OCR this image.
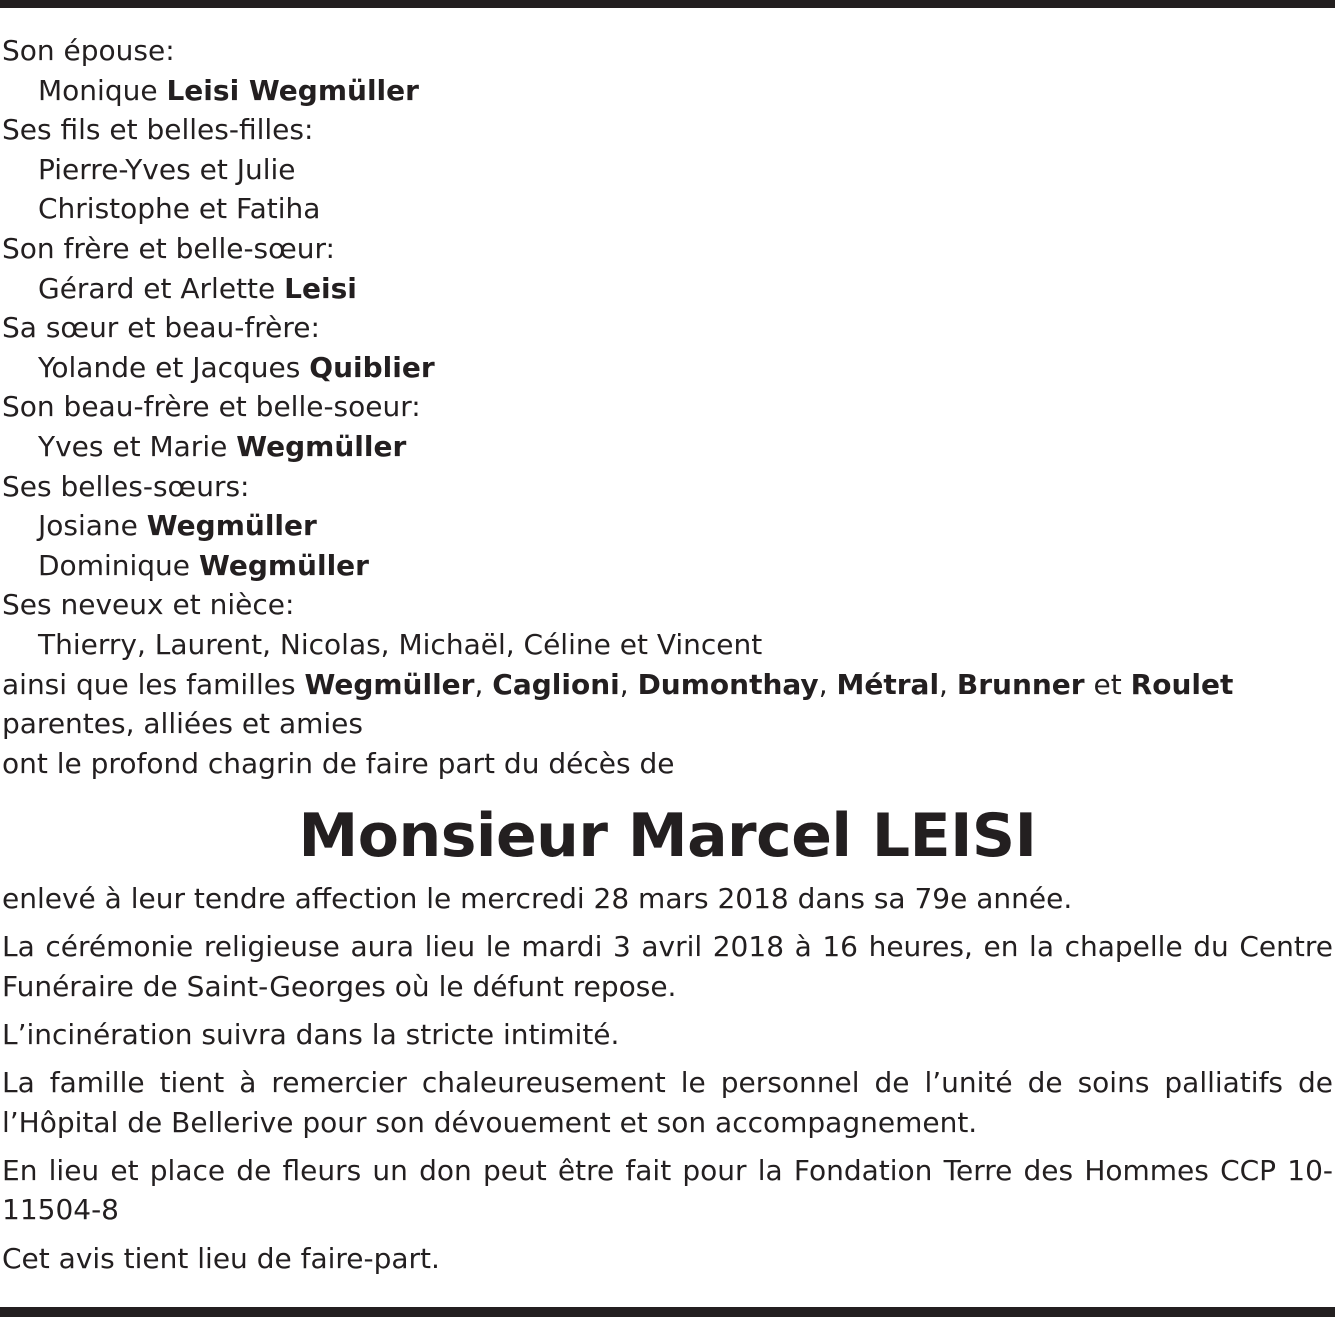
Son épouse:
Monique Leisi Wegmüller
Ses fils et belles-filles:
Pierre-Yves et Julie
Christophe et Fatiha
Son frère et belle-sœur:
Gérard et Arlette Leisi
Sa sœur et beau-frère:
Yolande et Jacques Quiblier
Son beau-frère et belle-soeur:
Yves et Marie Wegmüller
Ses belles-sœurs:
Josiane Wegmüller
Dominique Wegmüller
Ses neveux et nièce:
Thierry, Laurent, Nicolas, Michaël, Céline et Vincent
ainsi que les familles Wegmüller, Caglioni, Dumonthay, Métral, Brunner et Roulet parentes, alliées et amies
ont le profond chagrin de faire part du décès de
Monsieur Marcel LEISI

enlevé à leur tendre affection le mercredi 28 mars 2018 dans sa 79e année.

La cérémonie religieuse aura lieu le mardi 3 avril 2018 à 16 heures, en la chapelle du Centre Funéraire de Saint-Georges où le défunt repose.

L’incinération suivra dans la stricte intimité.

La famille tient à remercier chaleureusement le personnel de l’unité de soins palliatifs de l’Hôpital de Bellerive pour son dévouement et son accompagnement.

En lieu et place de fleurs un don peut être fait pour la Fondation Terre des Hommes CCP 10-11504-8

Cet avis tient lieu de faire-part.
